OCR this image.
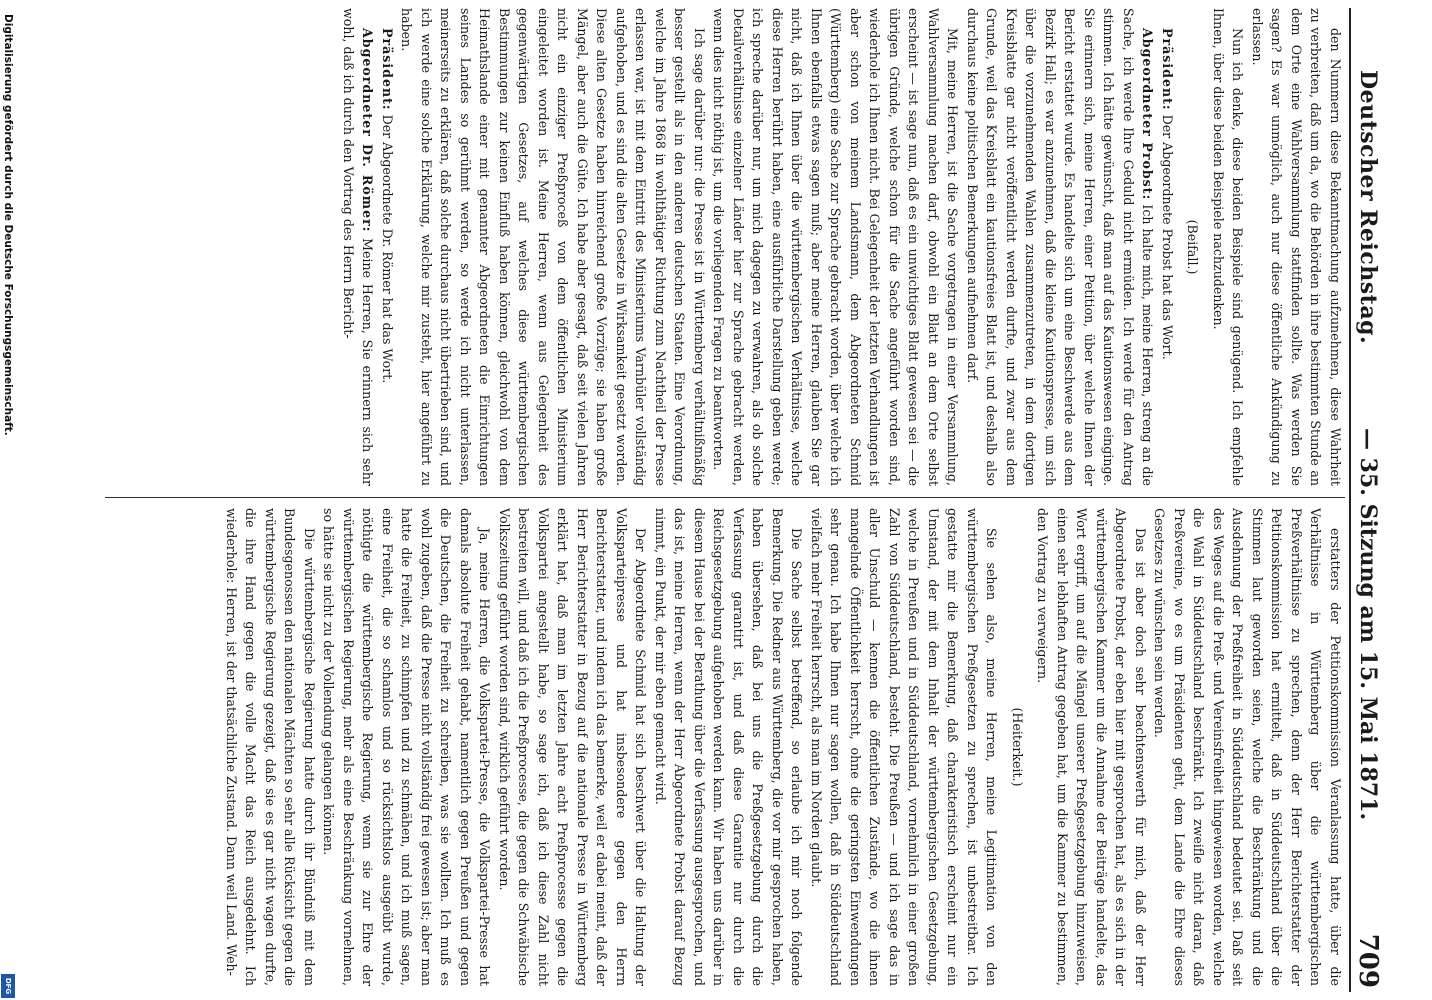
Deutscher Reichstag.
— 35. Sitzung am 15. Mai 1871.
709

den Nummern diese Bekanntmachung aufzunehmen, diese Wahrheit zu verbreiten, daß um da, wo die Behörden in ihre bestimmten Stunde an dem Orte eine Wahlversammlung stattfinden sollte. Was werden Sie sagen? Es war unmöglich, auch nur diese öffentliche Ankündigung zu erlassen.

Nun ich denke, diese beiden Beispiele sind genügend. Ich empfehle Ihnen, über diese beiden Beispiele nachzudenken.

(Beifall.)

Präsident: Der Abgeordnete Probst hat das Wort.

Abgeordneter Probst: Ich halte mich, meine Herren, streng an die Sache, ich werde Ihre Geduld nicht ermüden. Ich werde für den Antrag stimmen. Ich hätte gewünscht, daß man auf das Kautionswesen einginge. Sie erinnern sich, meine Herren, einer Petition, über welche Ihnen der Bericht erstattet wurde. Es handelte sich um eine Beschwerde aus dem Bezirk Hall; es war anzunehmen, daß die kleine Kautionspresse, um sich über die vorzunehmenden Wahlen zusammenzutreten, in dem dortigen Kreisblatte gar nicht veröffentlicht werden durfte, und zwar aus dem Grunde, weil das Kreisblatt ein kautionsfreies Blatt ist, und deshalb also durchaus keine politischen Bemerkungen aufnehmen darf.

Mit, meine Herren, ist die Sache vorgetragen in einer Versammlung, Wahlversammlung machen darf, obwohl ein Blatt an dem Orte selbst erscheint — ist sage nun, daß es ein unwichtiges Blatt gewesen sei — die übrigen Gründe, welche schon für die Sache angeführt worden sind, wiederhole ich Ihnen nicht. Bei Gelegenheit der letzten Verhandlungen ist aber schon von meinem Landsmann, dem Abgeordneten Schmid (Württemberg) eine Sache zur Sprache gebracht worden, über welche ich Ihnen ebenfalls etwas sagen muß; aber meine Herren, glauben Sie gar nicht, daß ich Ihnen über die württembergischen Verhältnisse, welche diese Herren berührt haben, eine ausführliche Darstellung geben werde; ich spreche darüber nur, um mich dagegen zu verwahren, als ob solche Detailverhältnisse einzelner Länder hier zur Sprache gebracht werden, wenn dies nicht nöthig ist, um die vorliegenden Fragen zu beantworten.

Ich sage darüber nur: die Presse ist in Württemberg verhältnißmäßig besser gestellt als in den anderen deutschen Staaten. Eine Verordnung, welche im Jahre 1868 in wohlthätiger Richtung zum Nachtheil der Presse erlassen war, ist mit dem Eintritt des Ministeriums Varnbüler vollständig aufgehoben, und es sind die alten Gesetze in Wirksamkeit gesetzt worden. Diese alten Gesetze haben hinreichend große Vorzüge; sie haben große Mängel, aber auch die Güte. Ich habe aber gesagt, daß seit vielen Jahren nicht ein einziger Preßproceß von dem öffentlichen Ministerium eingeleitet worden ist. Meine Herren, wenn aus Gelegenheit des gegenwärtigen Gesetzes, auf welches diese württembergischen Bestimmungen zur keinen Einfluß haben können, gleichwohl von dem Heimathslande einer mit genannter Abgeordneten die Einrichtungen seines Landes so gerühmt werden, so werde ich nicht unterlassen, meinerseits zu erklären, daß solche durchaus nicht übertrieben sind, und ich werde eine solche Erklärung, welche mir zusteht, hier angeführt zu haben.

Präsident: Der Abgeordnete Dr. Römer hat das Wort.

Abgeordneter Dr. Römer: Meine Herren, Sie erinnern sich sehr wohl, daß ich durch den Vortrag des Herrn Bericht-

erstatters der Petitionskommission Veranlassung hatte, über die Verhältnisse in Württemberg über die württembergischen Preßverhältnisse zu sprechen, denn der Herr Berichterstatter der Petitionskommission hat ermittelt, daß in Süddeutschland über die Stimmen laut geworden seien, welche die Beschränkung und die Ausdehnung der Preßfreiheit in Süddeutschland bedeutet sei. Daß seit des Weges auf die Preß- und Vereinsfreiheit hingewiesen worden, welche die Wahl in Süddeutschland beschränkt. Ich zweifle nicht daran, daß Preßvereine, wo es um Präsidenten geht, dem Lande die Ehre dieses Gesetzes zu wünschen sein werden.

Das ist aber doch sehr beachtenswerth für mich, daß der Herr Abgeordnete Probst, der eben hier mit gesprochen hat, als es sich in der württembergischen Kammer um die Annahme der Beiträge handelte, das Wort ergriff, um auf die Mängel unserer Preßgesetzgebung hinzuweisen, einen sehr lebhaften Antrag gegeben hat, um die Kammer zu bestimmen, den Vortrag zu verweigern.

(Heiterkeit.)

Sie sehen also, meine Herren, meine Legitimation von den württembergischen Preßgesetzen zu sprechen, ist unbestreitbar. Ich gestatte mir die Bemerkung, daß charakteristisch erscheint nur ein Umstand, der mit dem Inhalt der württembergischen Gesetzgebung, welche in Preußen und in Süddeutschland, vornehmlich in einer großen Zahl von Süddeutschland, besteht. Die Preußen — und ich sage das in aller Unschuld — kennen die öffentlichen Zustände, wo die ihnen mangelnde Öffentlichkeit herrscht, ohne die geringsten Einwendungen sehr genau. Ich habe Ihnen nur sagen wollen, daß in Süddeutschland vielfach mehr Freiheit herrscht, als man im Norden glaubt.

Die Sache selbst betreffend, so erlaube ich mir noch folgende Bemerkung. Die Redner aus Württemberg, die vor mir gesprochen haben, haben übersehen, daß bei uns die Preßgesetzgebung durch die Verfassung garantirt ist, und daß diese Garantie nur durch die Reichsgesetzgebung aufgehoben werden kann. Wir haben uns darüber in diesem Hause bei der Berathung über die Verfassung ausgesprochen, und das ist, meine Herren, wenn der Herr Abgeordnete Probst darauf Bezug nimmt, ein Punkt, der mir eben gemacht wird.

Der Abgeordnete Schmid hat sich beschwert über die Haltung der Volksparteipresse und hat insbesondere gegen den Herrn Berichterstatter, und indem ich das bemerke, weil er dabei meint, daß der Herr Berichterstatter in Bezug auf die nationale Presse in Württemberg erklärt hat, daß man im letzten Jahre acht Preßprocesse gegen die Volkspartei angestellt habe, so sage ich, daß ich diese Zahl nicht bestreiten will, und daß ich die Preßprocesse, die gegen die Schwäbische Volkszeitung geführt worden sind, wirklich geführt worden.

Ja, meine Herren, die Volkspartei-Presse, die Volkspartei-Presse hat damals absolute Freiheit gehabt, namentlich gegen Preußen und gegen die Deutschen, die Freiheit zu schreiben, was sie wollten. Ich muß es wohl zugeben, daß die Presse nicht vollständig frei gewesen ist; aber man hatte die Freiheit, zu schimpfen und zu schmähen, und ich muß sagen, eine Freiheit, die so schamlos und so rücksichtslos ausgeübt wurde, nöthigte die württembergische Regierung, wenn sie zur Ehre der württembergischen Regierung, mehr als eine Beschränkung vornehmen, so hätte sie nicht zu der Vollendung gelangen können.

Die württembergische Regierung hatte durch ihr Bündniß mit dem Bundesgenossen den nationalen Mächten so sehr alle Rücksicht gegen die württembergische Regierung gezeigt, daß sie es gar nicht wagen durfte, die ihre Hand gegen die volle Macht das Reich ausgedehnt. Ich wiederhole: Herren, ist der thatsächliche Zustand. Dann weil Land. Weh-

Digitalisierung gefördert durch die Deutsche Forschungsgemeinschaft.
DFG
